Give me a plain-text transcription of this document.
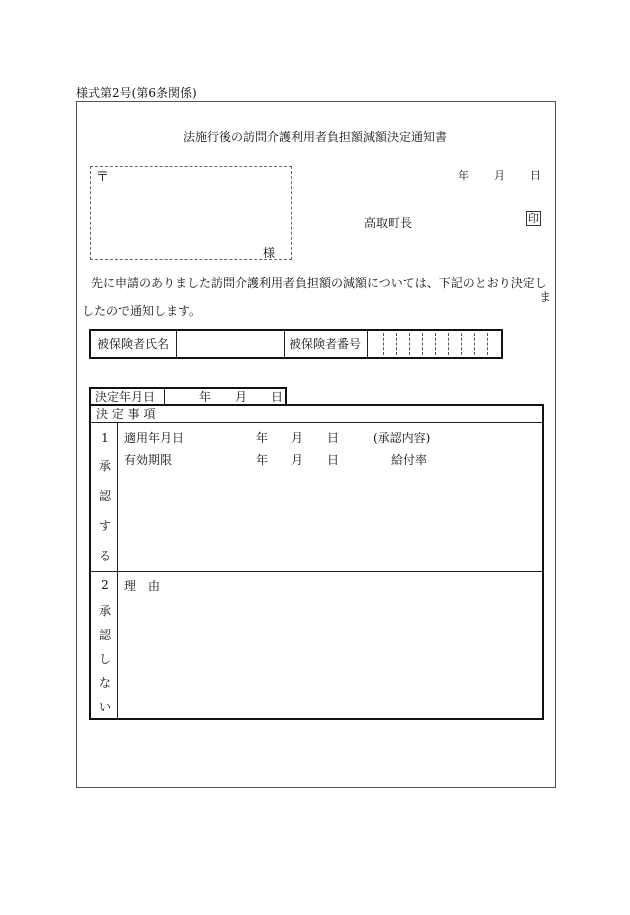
様式第2号(第6条関係)
法施行後の訪問介護利用者負担額減額決定通知書
〒
様
年 月 日
高取町長	印
先に申請のありました訪問介護利用者負担額の減額については、下記のとおり決定し
ま
したので通知します。
被保険者氏名	被保険者番号
決定年月日	年 月 日
決 定 事 項
1
承
認
す
る
適用年月日	年 月 日	(承認内容)
有効期限	年 月 日	給付率
2
承
認
し
な
い
理　由
